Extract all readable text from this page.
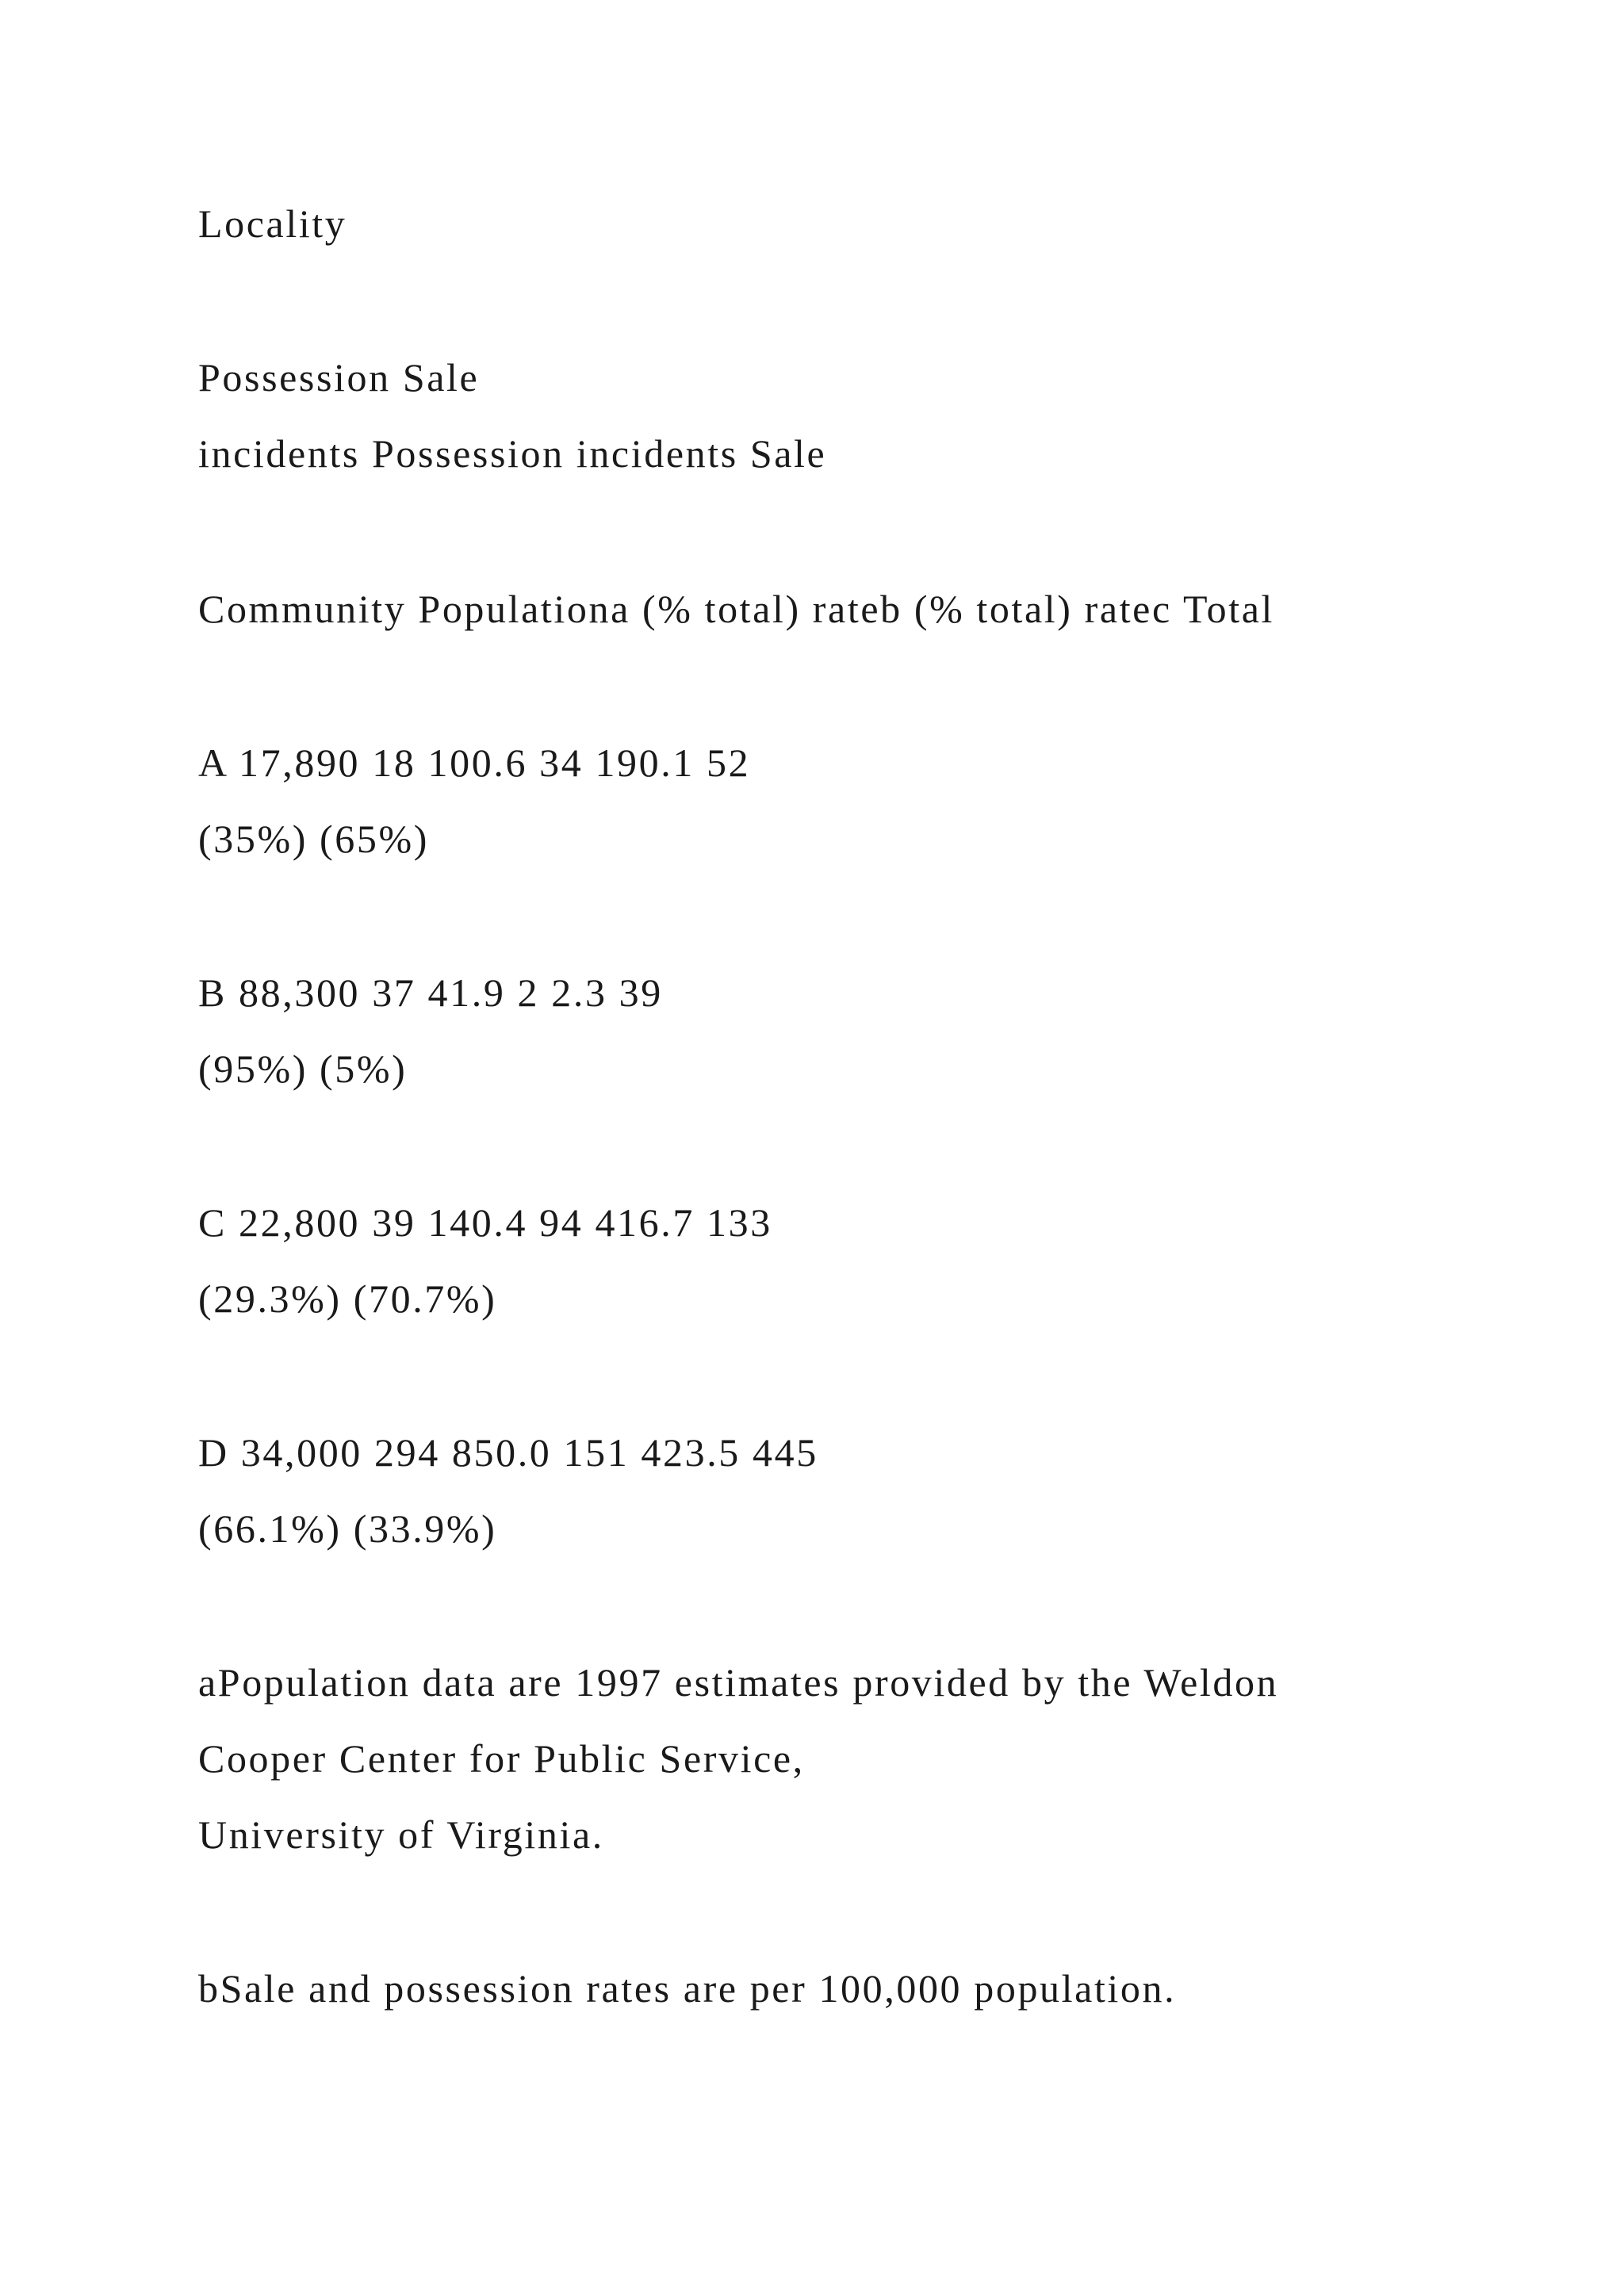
Locality
Possession Sale
incidents Possession incidents Sale
Community Populationa (% total) rateb (% total) ratec Total
A 17,890 18 100.6 34 190.1 52
(35%) (65%)
B 88,300 37 41.9 2 2.3 39
(95%) (5%)
C 22,800 39 140.4 94 416.7 133
(29.3%) (70.7%)
D 34,000 294 850.0 151 423.5 445
(66.1%) (33.9%)
aPopulation data are 1997 estimates provided by the Weldon
Cooper Center for Public Service,
University of Virginia.
bSale and possession rates are per 100,000 population.
